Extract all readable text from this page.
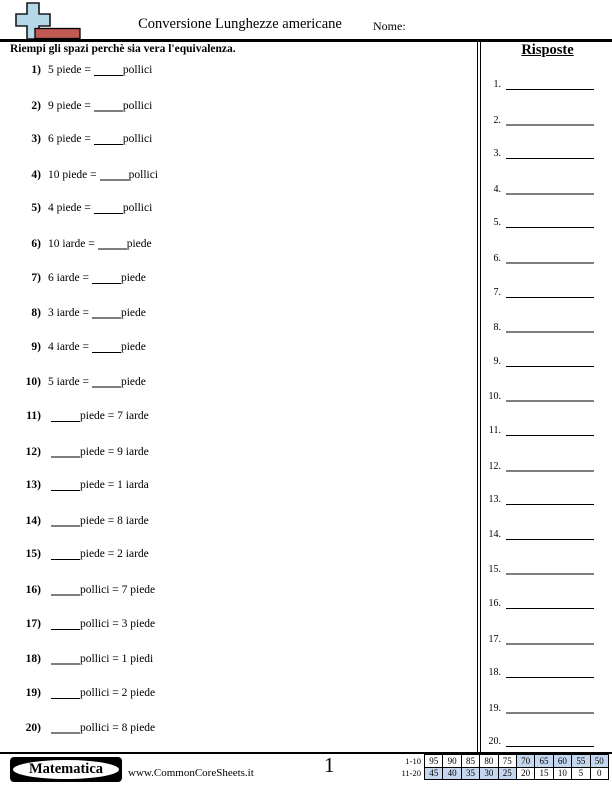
Conversione Lunghezze americane	Nome:
Riempi gli spazi perchè sia vera l'equivalenza.	Risposte
1) 5 piede =	pollici
2) 9 piede =	pollici
3) 6 piede =	pollici
4) 10 piede =	pollici
5) 4 piede =	pollici
6) 10 iarde =	piede
7) 6 iarde =	piede
8) 3 iarde =	piede
9) 4 iarde =	piede
10) 5 iarde =	piede
11)	piede = 7 iarde
12)	piede = 9 iarde
13)	piede = 1 iarda
14)	piede = 8 iarde
15)	piede = 2 iarde
16)	pollici = 7 piede
17)	pollici = 3 piede
18)	pollici = 1 piedi
19)	pollici = 2 piede
20)	pollici = 8 piede
1.
2.
3.
4.
5.
6.
7.
8.
9.
10.
11.
12.
13.
14.
15.
16.
17.
18.
19.
20.
Matematica	www.CommonCoreSheets.it	1	1-10	95	90	85	80	75	70	65	60	55	50
11-20	45	40	35	30	25	20	15	10	5	0
